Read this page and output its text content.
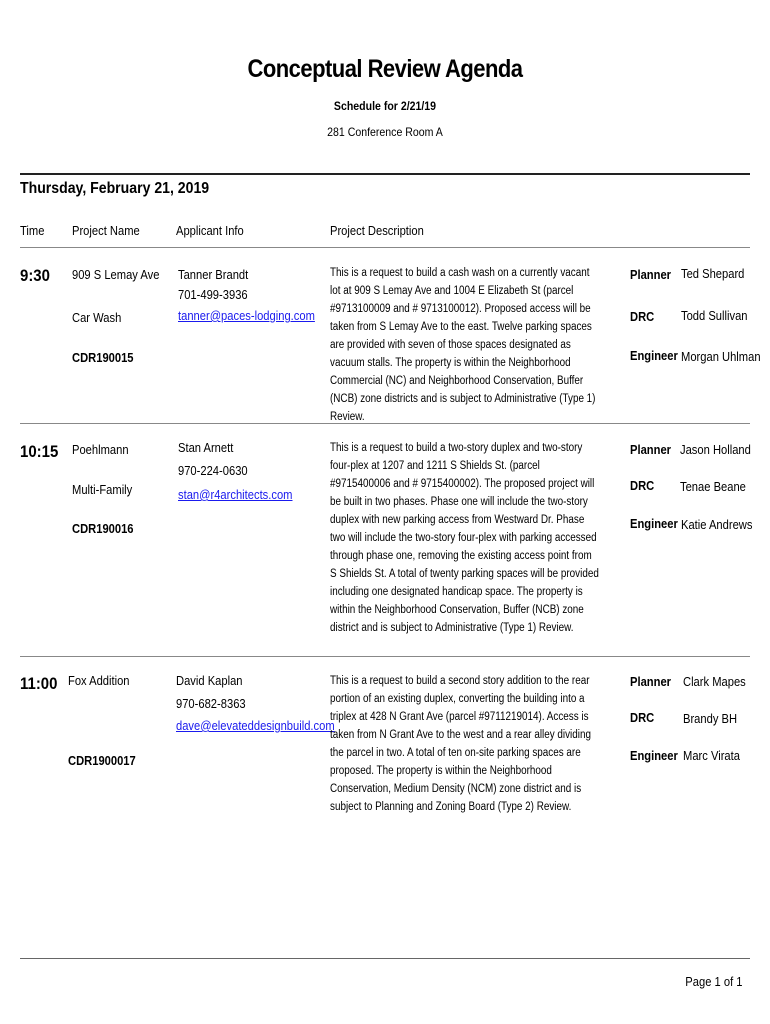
Conceptual Review Agenda
Schedule for 2/21/19
281 Conference Room A
Thursday, February 21, 2019
Time Project Name	Applicant Info	Project Description
9:30 909 S Lemay Ave
Car Wash
CDR190015
Tanner Brandt
701-499-3936
tanner@paces-lodging.com
This is a request to build a cash wash on a currently vacant lot at 909 S Lemay Ave and 1004 E Elizabeth St (parcel #9713100009 and # 9713100012). Proposed access will be taken from S Lemay Ave to the east. Twelve parking spaces are provided with seven of those spaces designated as vacuum stalls. The property is within the Neighborhood Commercial (NC) and Neighborhood Conservation, Buffer (NCB) zone districts and is subject to Administrative (Type 1) Review.
Planner Ted Shepard
DRC Todd Sullivan
Engineer Morgan Uhlman
10:15 Poehlmann
Multi-Family
CDR190016
Stan Arnett
970-224-0630
stan@r4architects.com
This is a request to build a two-story duplex and two-story four-plex at 1207 and 1211 S Shields St. (parcel #9715400006 and # 9715400002). The proposed project will be built in two phases. Phase one will include the two-story duplex with new parking access from Westward Dr. Phase two will include the two-story four-plex with parking accessed through phase one, removing the existing access point from S Shields St. A total of twenty parking spaces will be provided including one designated handicap space. The property is within the Neighborhood Conservation, Buffer (NCB) zone district and is subject to Administrative (Type 1) Review.
Planner Jason Holland
DRC Tenae Beane
Engineer Katie Andrews
11:00 Fox Addition
CDR1900017
David Kaplan
970-682-8363
dave@elevateddesignbuild.com
This is a request to build a second story addition to the rear portion of an existing duplex, converting the building into a triplex at 428 N Grant Ave (parcel #9711219014). Access is taken from N Grant Ave to the west and a rear alley dividing the parcel in two. A total of ten on-site parking spaces are proposed. The property is within the Neighborhood Conservation, Medium Density (NCM) zone district and is subject to Planning and Zoning Board (Type 2) Review.
Planner Clark Mapes
DRC Brandy BH
Engineer Marc Virata
Page 1 of 1
